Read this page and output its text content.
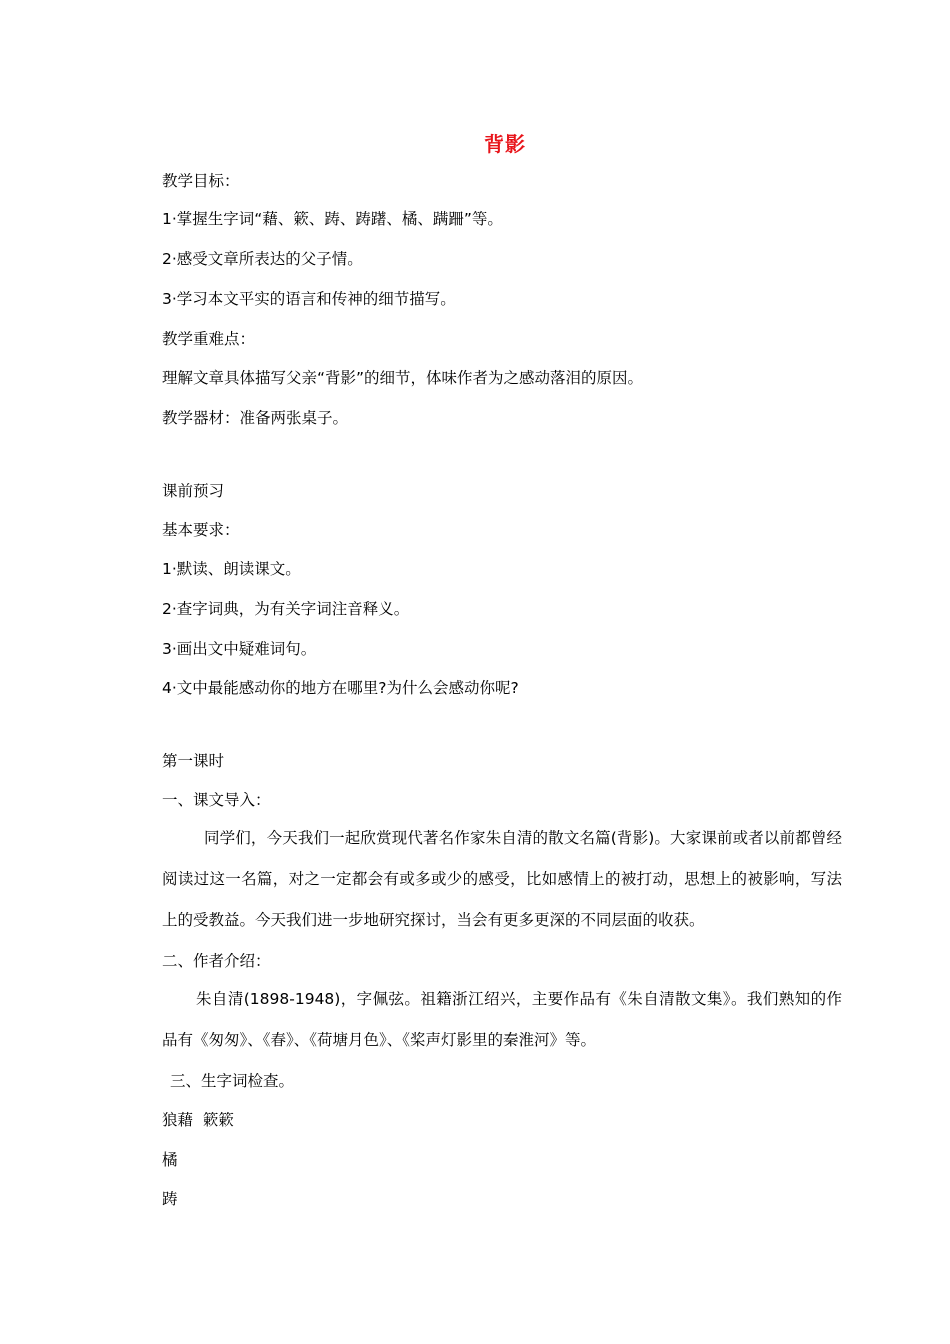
背影
教学目标：
1·掌握生字词“藉、簌、踌、踌躇、橘、蹒跚”等。
2·感受文章所表达的父子情。
3·学习本文平实的语言和传神的细节描写。
教学重难点：
理解文章具体描写父亲“背影”的细节，体味作者为之感动落泪的原因。
教学器材：准备两张桌子。
课前预习
基本要求：
1·默读、朗读课文。
2·查字词典，为有关字词注音释义。
3·画出文中疑难词句。
4·文中最能感动你的地方在哪里?为什么会感动你呢?
第一课时
一、课文导入：
同学们，今天我们一起欣赏现代著名作家朱自清的散文名篇(背影)。大家课前或者以前都曾经阅读过这一名篇，对之一定都会有或多或少的感受，比如感情上的被打动，思想上的被影响，写法上的受教益。今天我们进一步地研究探讨，当会有更多更深的不同层面的收获。
二、作者介绍：
朱自清(1898-1948)，字佩弦。祖籍浙江绍兴，主要作品有《朱自清散文集》。我们熟知的作品有《匆匆》、《春》、《荷塘月色》、《桨声灯影里的秦淮河》等。
三、生字词检查。
狼藉  簌簌
橘
踌
